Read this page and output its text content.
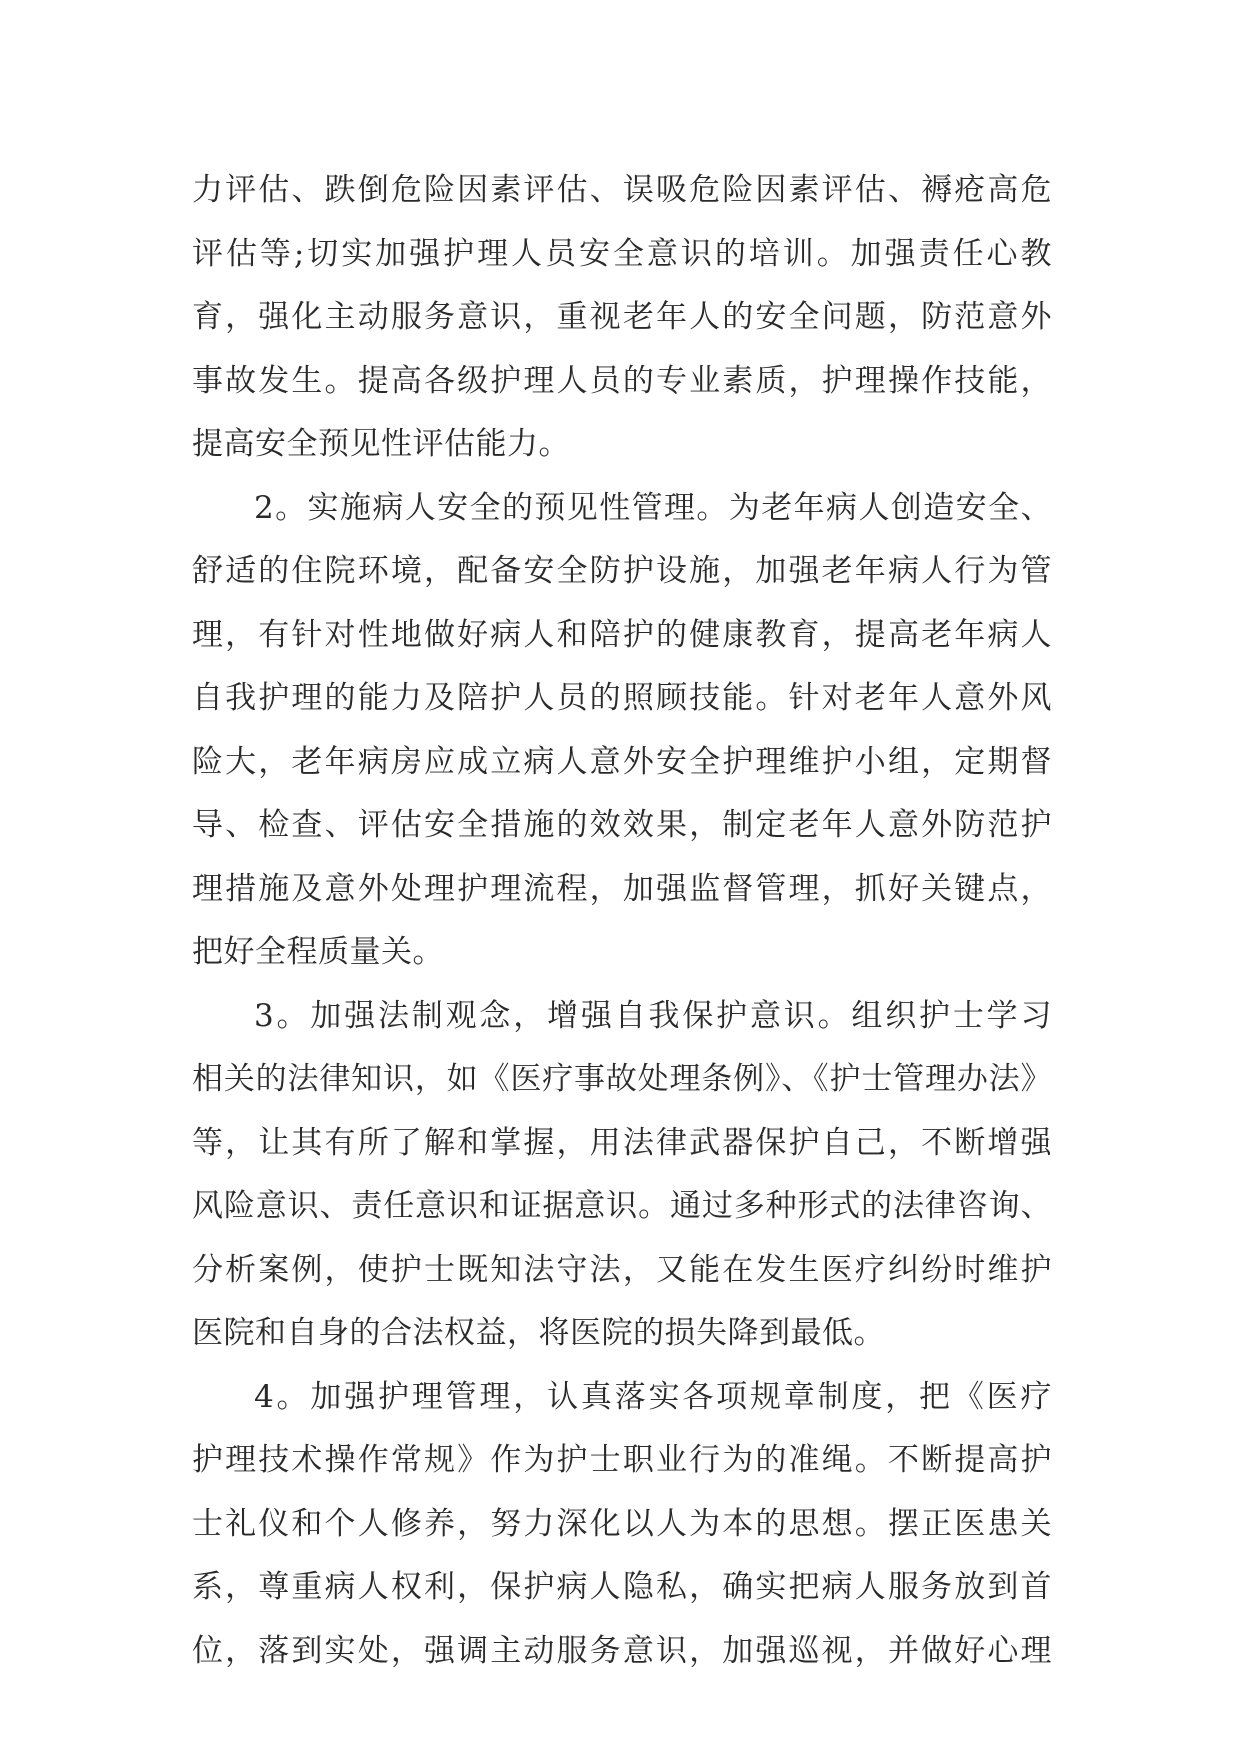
力评估、跌倒危险因素评估、误吸危险因素评估、褥疮高危
评估等;切实加强护理人员安全意识的培训。加强责任心教
育，强化主动服务意识，重视老年人的安全问题，防范意外
事故发生。提高各级护理人员的专业素质，护理操作技能，
提高安全预见性评估能力。
2。实施病人安全的预见性管理。为老年病人创造安全、
舒适的住院环境，配备安全防护设施，加强老年病人行为管
理，有针对性地做好病人和陪护的健康教育，提高老年病人
自我护理的能力及陪护人员的照顾技能。针对老年人意外风
险大，老年病房应成立病人意外安全护理维护小组，定期督
导、检查、评估安全措施的效效果，制定老年人意外防范护
理措施及意外处理护理流程，加强监督管理，抓好关键点，
把好全程质量关。
3。加强法制观念，增强自我保护意识。组织护士学习
相关的法律知识，如《医疗事故处理条例》、《护士管理办法》
等，让其有所了解和掌握，用法律武器保护自己，不断增强
风险意识、责任意识和证据意识。通过多种形式的法律咨询、
分析案例，使护士既知法守法，又能在发生医疗纠纷时维护
医院和自身的合法权益，将医院的损失降到最低。
4。加强护理管理，认真落实各项规章制度，把《医疗
护理技术操作常规》作为护士职业行为的准绳。不断提高护
士礼仪和个人修养，努力深化以人为本的思想。摆正医患关
系，尊重病人权利，保护病人隐私，确实把病人服务放到首
位，落到实处，强调主动服务意识，加强巡视，并做好心理
